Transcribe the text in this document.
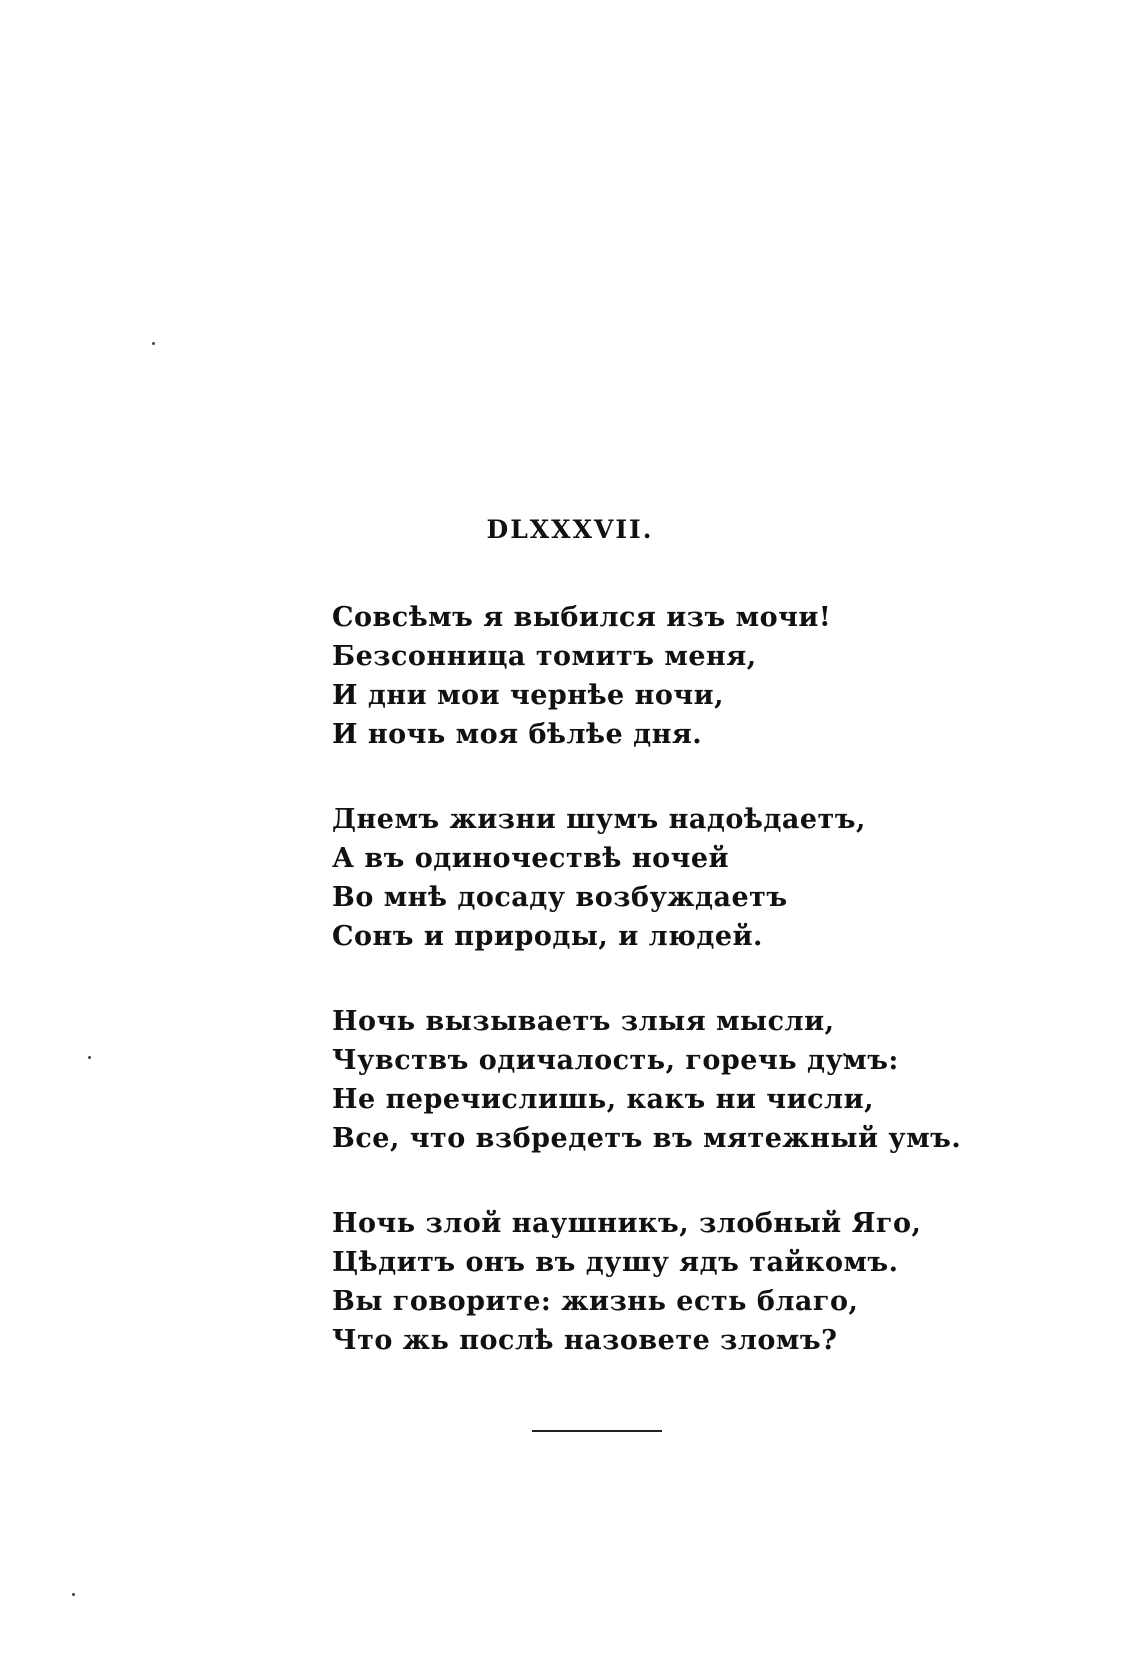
DLXXXVII.
Совсѣмъ я выбился изъ мочи!
Безсонница томитъ меня,
И дни мои чернѣе ночи,
И ночь моя бѣлѣе дня.
Днемъ жизни шумъ надоѣдаетъ,
А въ одиночествѣ ночей
Во мнѣ досаду возбуждаетъ
Сонъ и природы, и людей.
Ночь вызываетъ злыя мысли,
Чувствъ одичалость, горечь думъ:
Не перечислишь, какъ ни числи,
Все, что взбредетъ въ мятежный умъ.
Ночь злой наушникъ, злобный Яго,
Цѣдитъ онъ въ душу ядъ тайкомъ.
Вы говорите: жизнь есть благо,
Что жь послѣ назовете зломъ?
